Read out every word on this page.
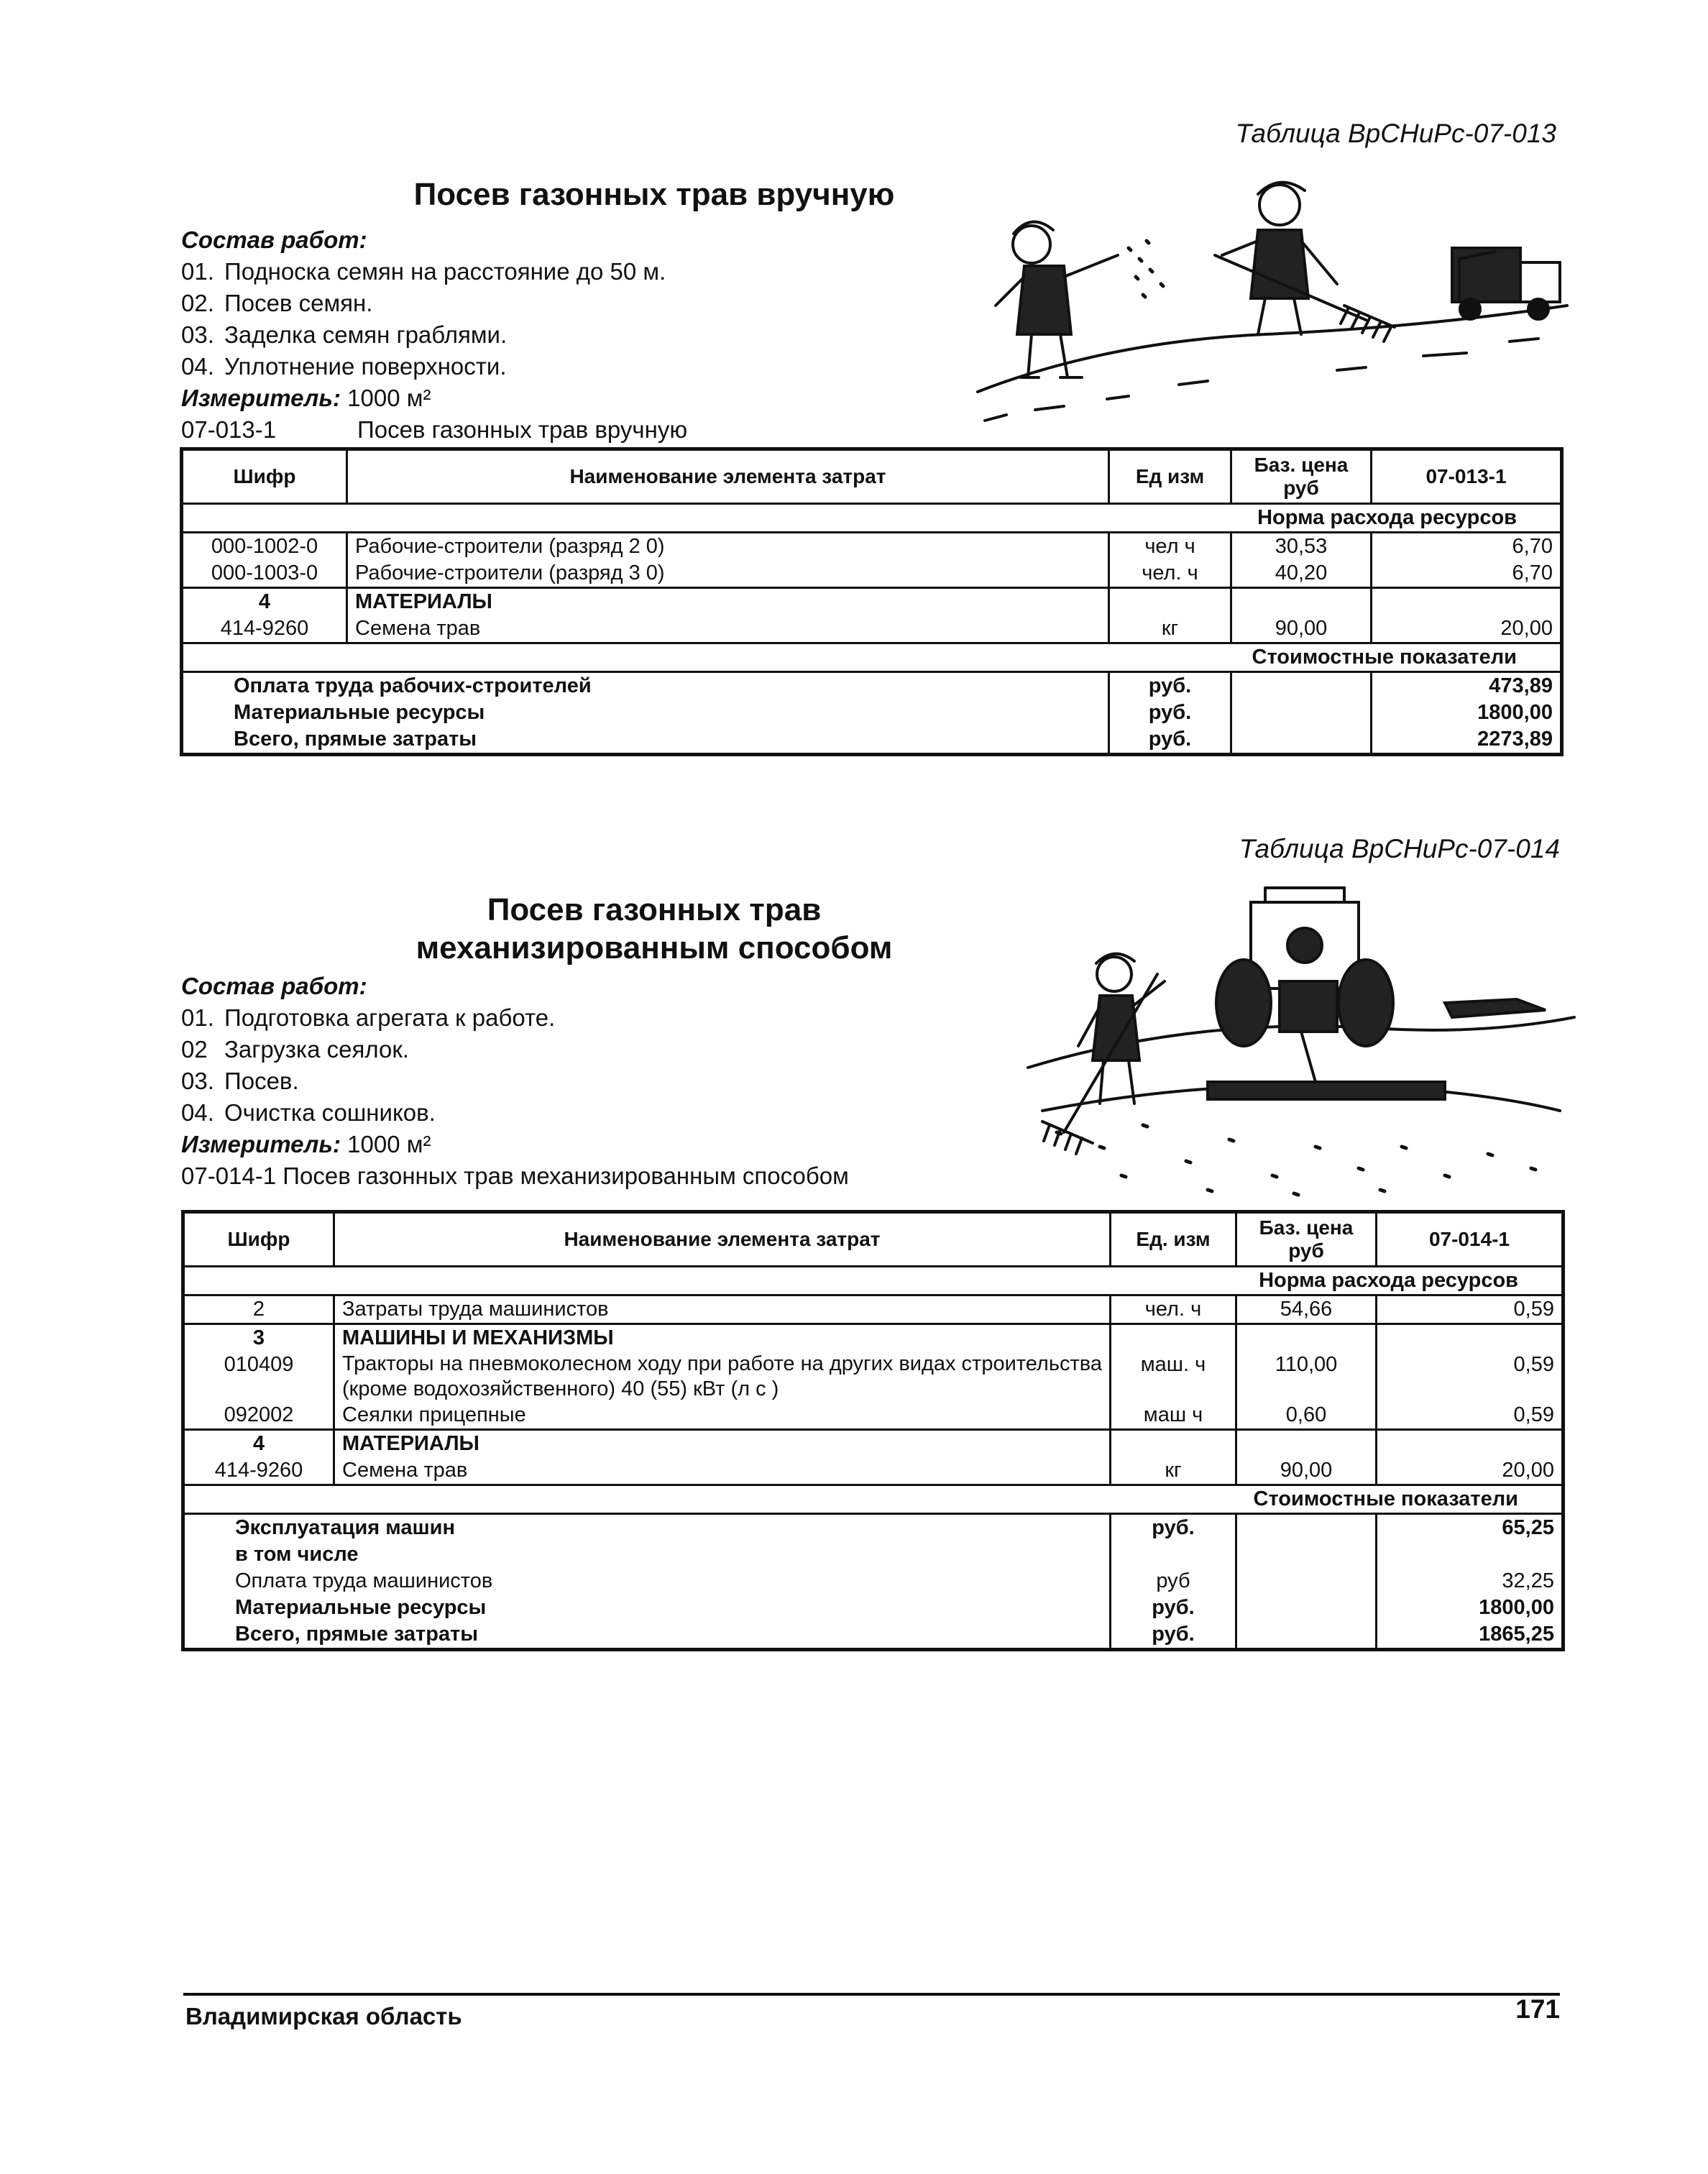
Таблица ВрСНиРс-07-013
Посев газонных трав вручную
Состав работ:
01. Подноска семян на расстояние до 50 м.
02. Посев семян.
03. Заделка семян граблями.
04. Уплотнение поверхности.
Измеритель: 1000 м²
07-013-1	Посев газонных трав вручную
Шифр	Наименование элемента затрат	Ед изм	Баз. цена руб	07-013-1
Норма расхода ресурсов				
000-1002-0	Рабочие-строители (разряд 2 0)	чел ч	30,53	6,70
000-1003-0	Рабочие-строители (разряд 3 0)	чел. ч	40,20	6,70
4	МАТЕРИАЛЫ			
414-9260	Семена трав	кг	90,00	20,00
Стоимостные показатели				
Оплата труда рабочих-строителей		руб.		473,89
Материальные ресурсы		руб.		1800,00
Всего, прямые затраты		руб.		2273,89
Таблица ВрСНиРс-07-014
Посев газонных трав
механизированным способом
Состав работ:
01. Подготовка агрегата к работе.
02 Загрузка сеялок.
03. Посев.
04. Очистка сошников.
Измеритель: 1000 м²
07-014-1 Посев газонных трав механизированным способом
Шифр	Наименование элемента затрат	Ед. изм	Баз. цена руб	07-014-1
Норма расхода ресурсов				
2	Затраты труда машинистов	чел. ч	54,66	0,59
3	МАШИНЫ И МЕХАНИЗМЫ			
010409	Тракторы на пневмоколесном ходу при работе на других видах строительства (кроме водохозяйственного) 40 (55) кВт (л с )	маш. ч	110,00	0,59
092002	Сеялки прицепные	маш ч	0,60	0,59
4	МАТЕРИАЛЫ			
414-9260	Семена трав	кг	90,00	20,00
Стоимостные показатели				
Эксплуатация машин		руб.		65,25
в том числе				
Оплата труда машинистов		руб		32,25
Материальные ресурсы		руб.		1800,00
Всего, прямые затраты		руб.		1865,25
Владимирская область	171
